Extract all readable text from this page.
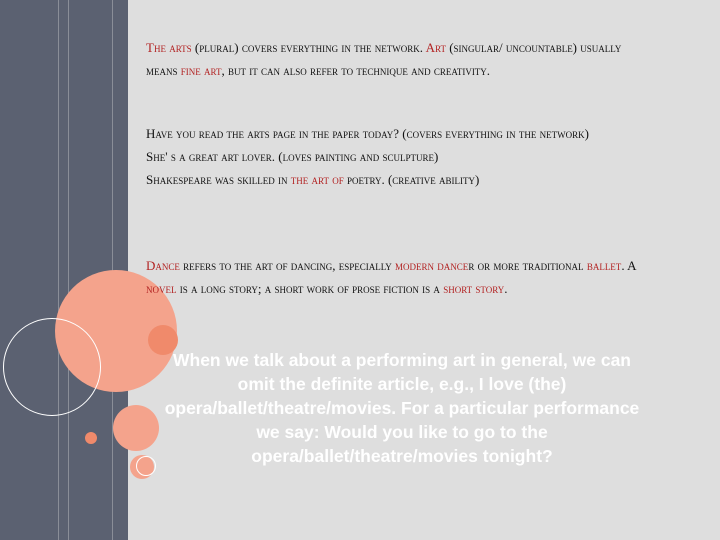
The arts (plural) covers everything in the network. Art (singular/ uncountable) usually means fine art, but it can also refer to technique and creativity.
Have you read the arts page in the paper today? (covers everything in the network)
She' s a great art lover. (loves painting and sculpture)
Shakespeare was skilled in the art of poetry. (creative ability)
Dance refers to the art of dancing, especially modern dancer or more traditional ballet. A novel is a long story; a short work of prose fiction is a short story.
When we talk about a performing art in general, we can omit the definite article, e.g., I love (the) opera/ballet/theatre/movies. For a particular performance we say: Would you like to go to the opera/ballet/theatre/movies tonight?
